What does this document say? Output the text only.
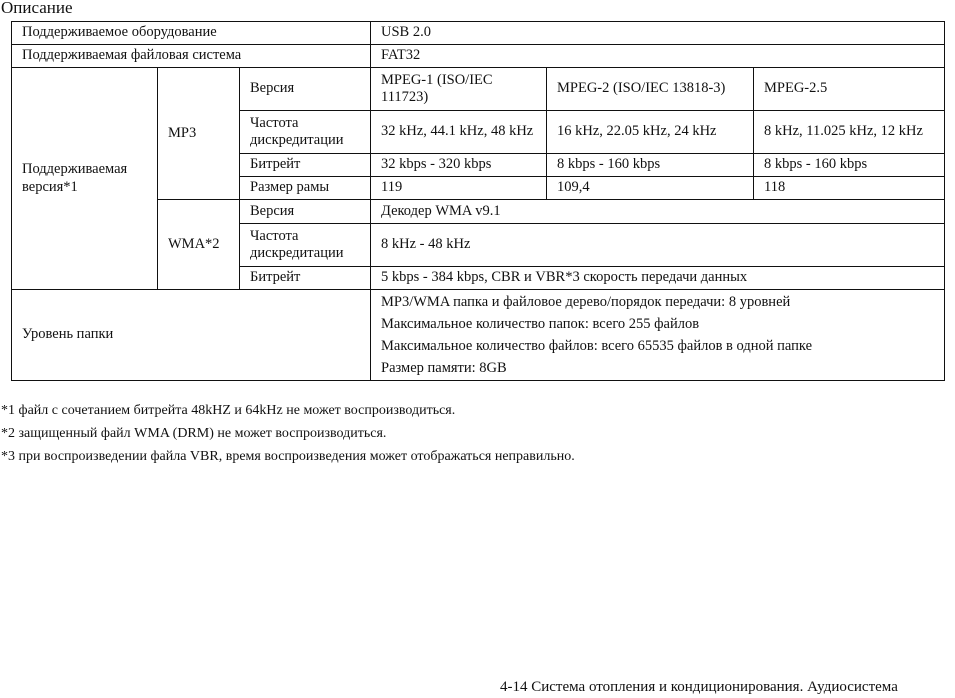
Описание
Поддерживаемое оборудование			USB 2.0		
Поддерживаемая файловая система			FAT32		
Поддерживаемая версия*1	MP3	Версия	MPEG-1 (ISO/IEC 111723)	MPEG-2 (ISO/IEC 13818-3)	MPEG-2.5
		Частота дискредитации	32 kHz, 44.1 kHz, 48 kHz	16 kHz, 22.05 kHz, 24 kHz	8 kHz, 11.025 kHz, 12 kHz
		Битрейт	32 kbps - 320 kbps	8 kbps - 160 kbps	8 kbps - 160 kbps
		Размер рамы	119	109,4	118
	WMA*2	Версия	Декодер WMA v9.1		
		Частота дискредитации	8 kHz - 48 kHz		
		Битрейт	5 kbps - 384 kbps, CBR и VBR*3 скорость передачи данных		
Уровень папки			MP3/WMA папка и файловое дерево/порядок передачи: 8 уровней
Максимальное количество папок: всего 255 файлов
Максимальное количество файлов: всего 65535 файлов в одной папке
Размер памяти: 8GB		
*1 файл с сочетанием битрейта 48kHZ и 64kHz не может воспроизводиться.
*2 защищенный файл WMA (DRM) не может воспроизводиться.
*3 при воспроизведении файла VBR, время воспроизведения может отображаться неправильно.
4-14 Система отопления и кондиционирования. Аудиосистема
